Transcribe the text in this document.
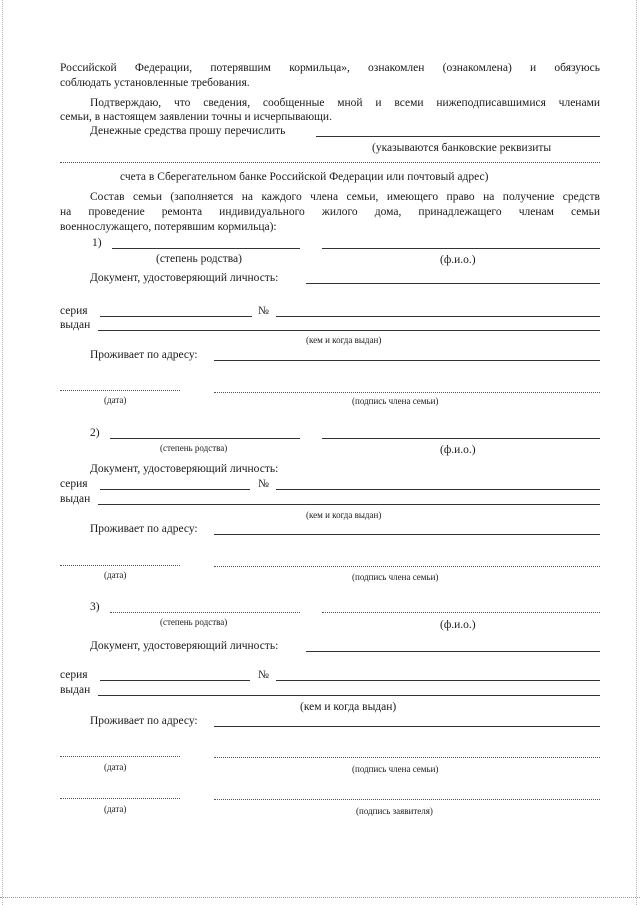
Российской Федерации, потерявшим кормильца», ознакомлен (ознакомлена) и обязуюсь
соблюдать установленные требования.
Подтверждаю, что сведения, сообщенные мной и всеми нижеподписавшимися членами
семьи, в настоящем заявлении точны и исчерпывающи.
Денежные средства прошу перечислить
(указываются банковские реквизиты
счета в Сберегательном банке Российской Федерации или почтовый адрес)
Состав семьи (заполняется на каждого члена семьи, имеющего право на получение средств
на проведение ремонта индивидуального жилого дома, принадлежащего членам семьи
военнослужащего, потерявшим кормильца):
1)
(степень родства)	(ф.и.о.)
Документ, удостоверяющий личность:
серия	№
выдан
(кем и когда выдан)
Проживает по адресу:
(дата)	(подпись члена семьи)
2)
(степень родства)	(ф.и.о.)
Документ, удостоверяющий личность:
серия	№
выдан
(кем и когда выдан)
Проживает по адресу:
(дата)	(подпись члена семьи)
3)
(степень родства)	(ф.и.о.)
Документ, удостоверяющий личность:
серия	№
выдан
(кем и когда выдан)
Проживает по адресу:
(дата)	(подпись члена семьи)
(дата)	(подпись заявителя)
